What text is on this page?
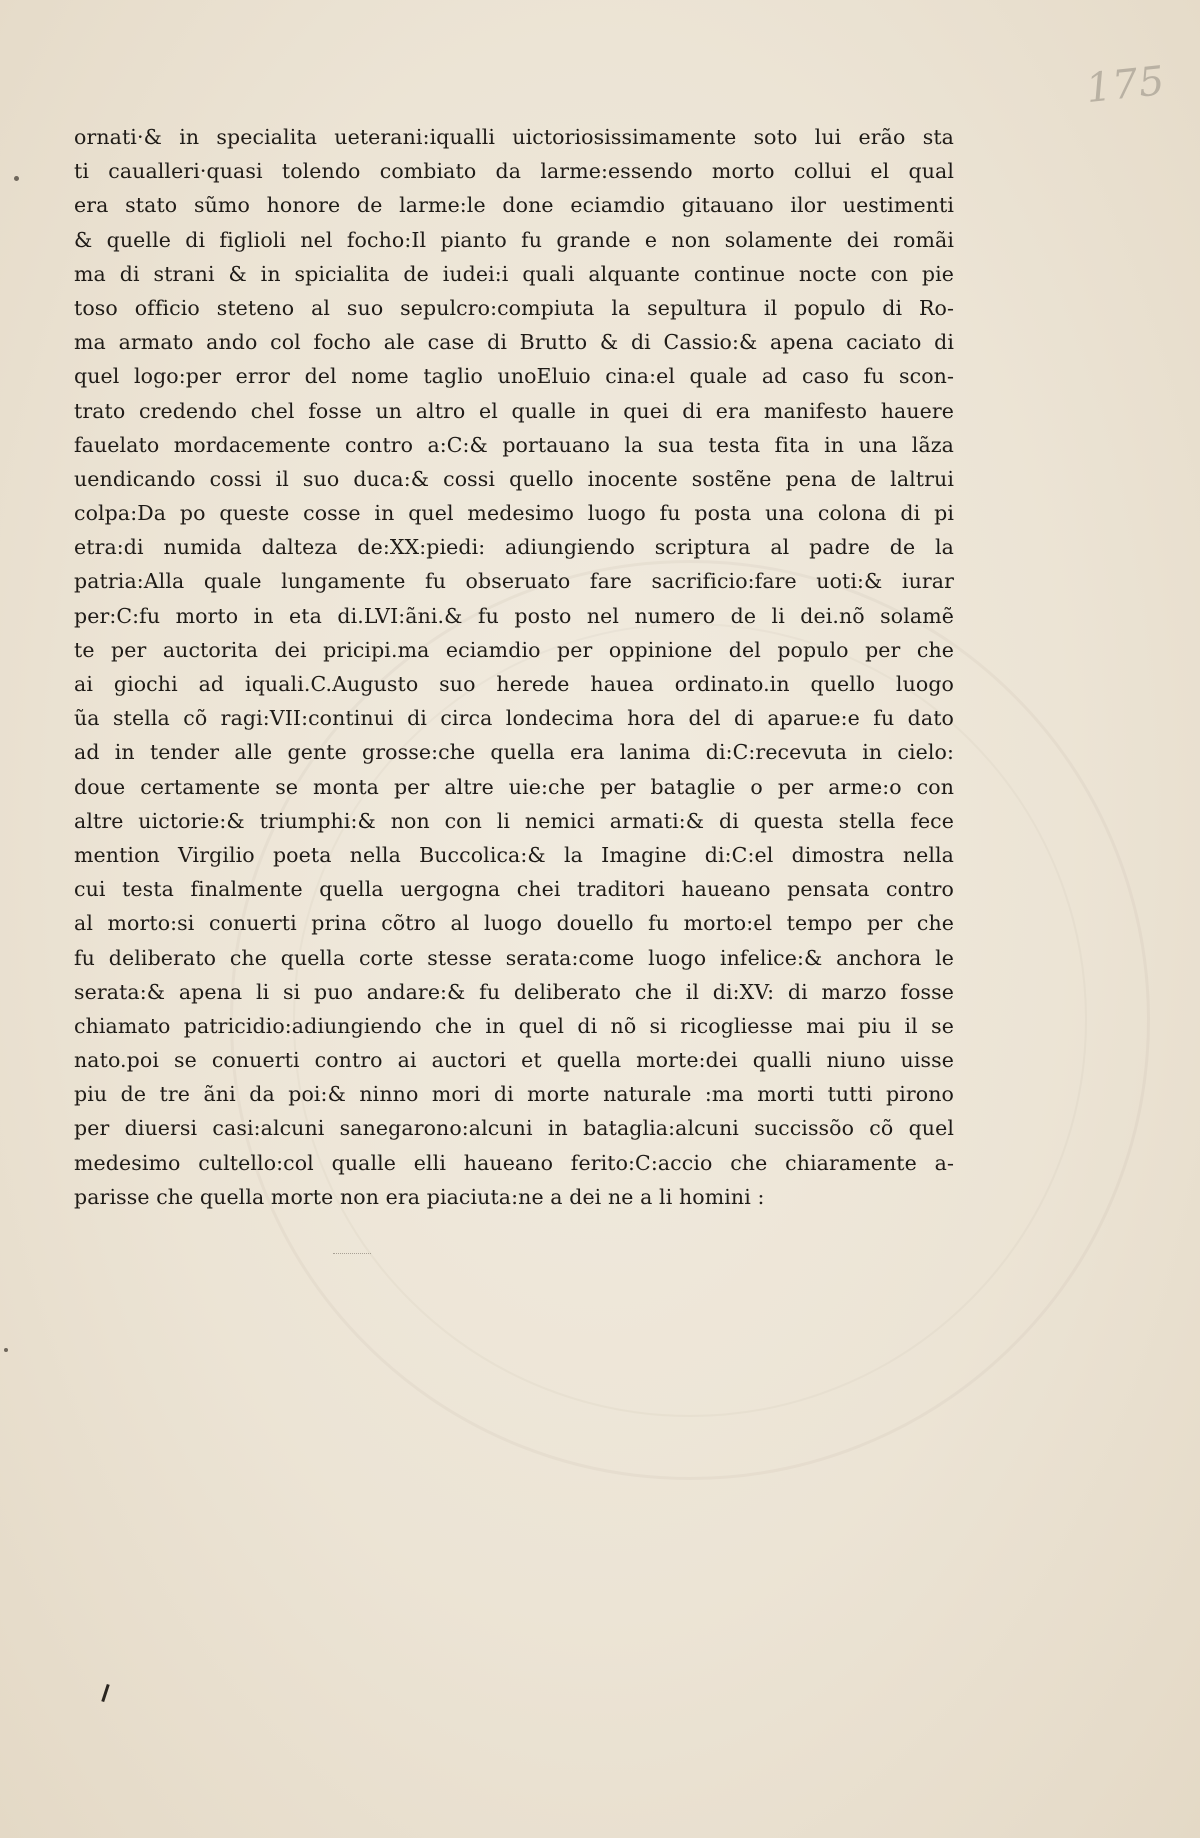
175
ornati·& in specialita ueterani:iqualli uictoriosissimamente soto lui erão sta
ti caualleri·quasi tolendo combiato da larme:essendo morto collui el qual
era stato sũmo honore de larme:le done eciamdio gitauano ilor uestimenti
& quelle di figlioli nel focho:Il pianto fu grande e non solamente dei romãi
ma di strani & in spicialita de iudei:i quali alquante continue nocte con pie
toso officio steteno al suo sepulcro:compiuta la sepultura il populo di Ro-
ma armato ando col focho ale case di Brutto & di Cassio:& apena caciato di
quel logo:per error del nome taglio unoEluio cina:el quale ad caso fu scon-
trato credendo chel fosse un altro el qualle in quei di era manifesto hauere
fauelato mordacemente contro a:C:& portauano la sua testa fita in una lãza
uendicando cossi il suo duca:& cossi quello inocente sostẽne pena de laltrui
colpa:Da po queste cosse in quel medesimo luogo fu posta una colona di pi
etra:di numida dalteza de:XX:piedi: adiungiendo scriptura al padre de la
patria:Alla quale lungamente fu obseruato fare sacrificio:fare uoti:& iurar
per:C:fu morto in eta di.LVI:ãni.& fu posto nel numero de li dei.nõ solamẽ
te per auctorita dei pricipi.ma eciamdio per oppinione del populo per che
ai giochi ad iquali.C.Augusto suo herede hauea ordinato.in quello luogo
ũa stella cõ ragi:VII:continui di circa londecima hora del di aparue:e fu dato
ad in tender alle gente grosse:che quella era lanima di:C:recevuta in cielo:
doue certamente se monta per altre uie:che per bataglie o per arme:o con
altre uictorie:& triumphi:& non con li nemici armati:& di questa stella fece
mention Virgilio poeta nella Buccolica:& la Imagine di:C:el dimostra nella
cui testa finalmente quella uergogna chei traditori haueano pensata contro
al morto:si conuerti prina cõtro al luogo douello fu morto:el tempo per che
fu deliberato che quella corte stesse serata:come luogo infelice:& anchora le
serata:& apena li si puo andare:& fu deliberato che il di:XV: di marzo fosse
chiamato patricidio:adiungiendo che in quel di nõ si ricogliesse mai piu il se
nato.poi se conuerti contro ai auctori et quella morte:dei qualli niuno uisse
piu de tre ãni da poi:& ninno mori di morte naturale :ma morti tutti pirono
per diuersi casi:alcuni sanegarono:alcuni in bataglia:alcuni succissõo cõ quel
medesimo cultello:col qualle elli haueano ferito:C:accio che chiaramente a-
parisse che quella morte non era piaciuta:ne a dei ne a li homini :
